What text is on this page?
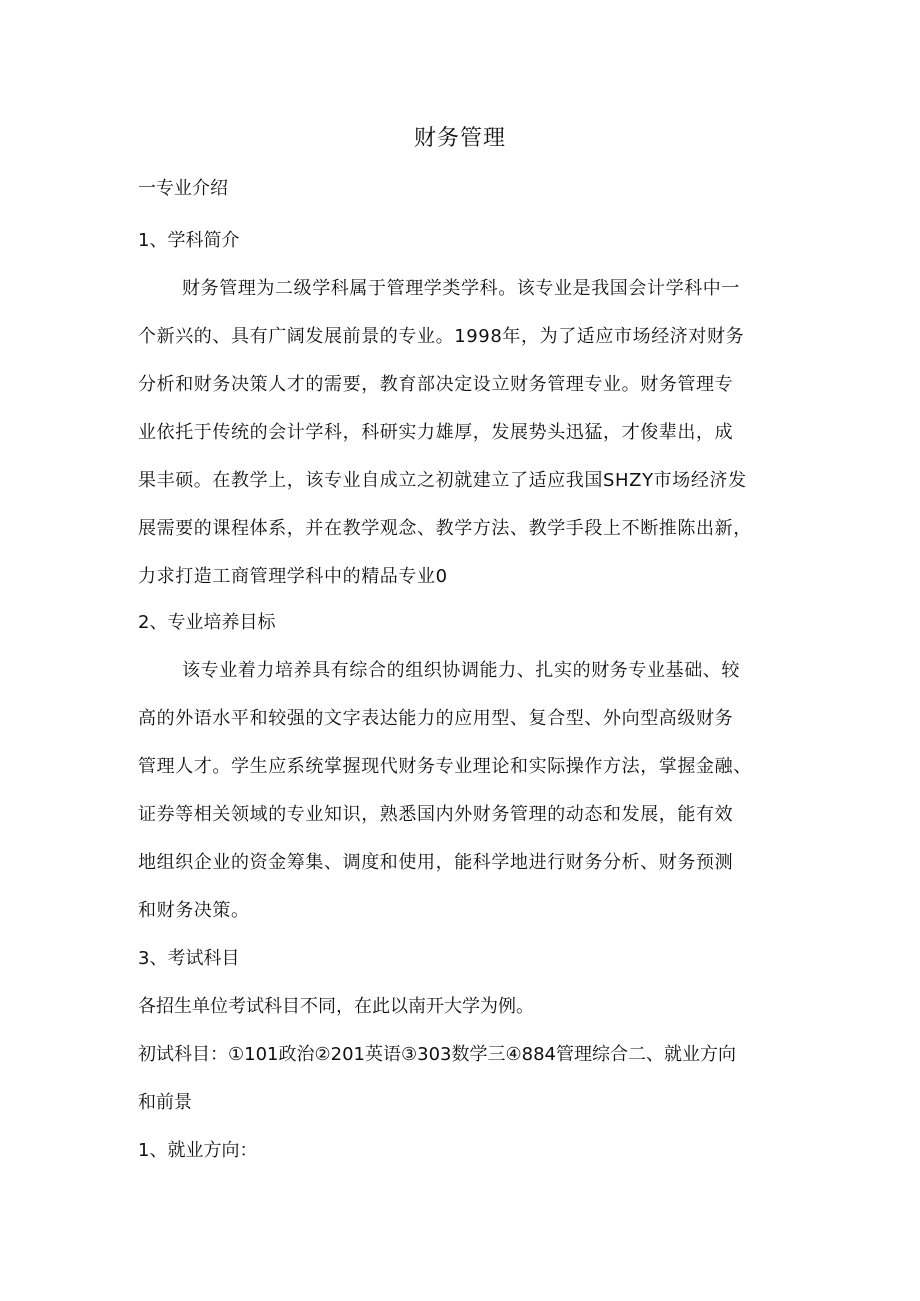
财务管理
一专业介绍
1、学科简介
财务管理为二级学科属于管理学类学科。该专业是我国会计学科中一
个新兴的、具有广阔发展前景的专业。1998年，为了适应市场经济对财务
分析和财务决策人才的需要，教育部决定设立财务管理专业。财务管理专
业依托于传统的会计学科，科研实力雄厚，发展势头迅猛，才俊辈出，成
果丰硕。在教学上，该专业自成立之初就建立了适应我国SHZY市场经济发
展需要的课程体系，并在教学观念、教学方法、教学手段上不断推陈出新，
力求打造工商管理学科中的精品专业0
2、专业培养目标
该专业着力培养具有综合的组织协调能力、扎实的财务专业基础、较
高的外语水平和较强的文字表达能力的应用型、复合型、外向型高级财务
管理人才。学生应系统掌握现代财务专业理论和实际操作方法，掌握金融、
证券等相关领域的专业知识，熟悉国内外财务管理的动态和发展，能有效
地组织企业的资金筹集、调度和使用，能科学地进行财务分析、财务预测
和财务决策。
3、考试科目
各招生单位考试科目不同，在此以南开大学为例。
初试科目：①101政治②201英语③303数学三④884管理综合二、就业方向
和前景
1、就业方向：
